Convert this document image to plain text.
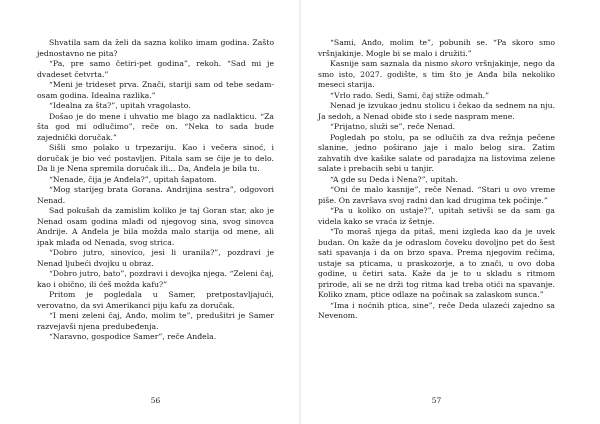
Shvatila sam da želi da sazna koliko imam godina. Zašto jednostavno ne pita?

“Pa, pre samo četiri-pet godina”, rekoh. “Sad mi je dvadeset četvrta.”

“Meni je trideset prva. Znači, stariji sam od tebe sedam-osam godina. Idealna razlika.”

“Idealna za šta?”, upitah vragolasto.

Došao je do mene i uhvatio me blago za nadlakticu. “Za šta god mi odlučimo”, reče on. “Neka to sada bude zajednički doručak.”

Sišli smo polako u trpezariju. Kao i večera sinoć, i doručak je bio već postavljen. Pitala sam se čije je to delo. Da li je Nena spremila doručak ili... Da, Anđela je bila tu.

“Nenade, čija je Anđela?”, upitah šapatom.

“Mog starijeg brata Gorana. Andrijina sestra”, odgovori Nenad.

Sad pokušah da zamislim koliko je taj Goran star, ako je Nenad osam godina mlađi od njegovog sina, svog sinovca Andrije. A Anđela je bila možda malo starija od mene, ali ipak mlađa od Nenada, svog strica.

“Dobro jutro, sinovico, jesi li uranila?”, pozdravi je Nenad ljubeći dvojku u obraz.

“Dobro jutro, bato”, pozdravi i devojka njega. “Zeleni čaj, kao i obično, ili ćeš možda kafu?”

Pritom je pogledala u Samer, pretpostavljajući, verovatno, da svi Amerikanci piju kafu za doručak.

“I meni zeleni čaj, Anđo, molim te”, predušitri je Samer razvejavši njena predubeđenja.

“Naravno, gospodice Samer”, reče Anđela.

56

“Sami, Anđo, molim te”, pobunih se. “Pa skoro smo vršnjakinje. Mogle bi se malo i družiti.”

Kasnije sam saznala da nismo skoro vršnjakinje, nego da smo isto, 2027. godište, s tim što je Anđa bila nekoliko meseci starija.

“Vrlo rado. Sedi, Sami, čaj stiže odmah.”

Nenad je izvukao jednu stolicu i čekao da sednem na nju. Ja sedoh, a Nenad obiđe sto i sede naspram mene.

“Prijatno, služi se”, reče Nenad.

Pogledah po stolu, pa se odlučih za dva režnja pečene slanine, jedno poširano jaje i malo belog sira. Zatim zahvatih dve kašike salate od paradajza na listovima zelene salate i prebacih sebi u tanjir.

“A gde su Deda i Nena?”, upitah.

“Oni će malo kasnije”, reče Nenad. “Stari u ovo vreme piše. On završava svoj radni dan kad drugima tek počinje.”

“Pa u koliko on ustaje?”, upitah setivši se da sam ga videla kako se vraća iz šetnje.

“To moraš njega da pitaš, meni izgleda kao da je uvek budan. On kaže da je odraslom čoveku dovoljno pet do šest sati spavanja i da on brzo spava. Prema njegovim rečima, ustaje sa pticama, u praskozorje, a to znači, u ovo doba godine, u četiri sata. Kaže da je to u skladu s ritmom prirode, ali se ne drži tog ritma kad treba otići na spavanje. Koliko znam, ptice odlaze na počinak sa zalaskom sunca.”

“Ima i noćnih ptica, sine”, reče Deda ulazeći zajedno sa Nevenom.

57
